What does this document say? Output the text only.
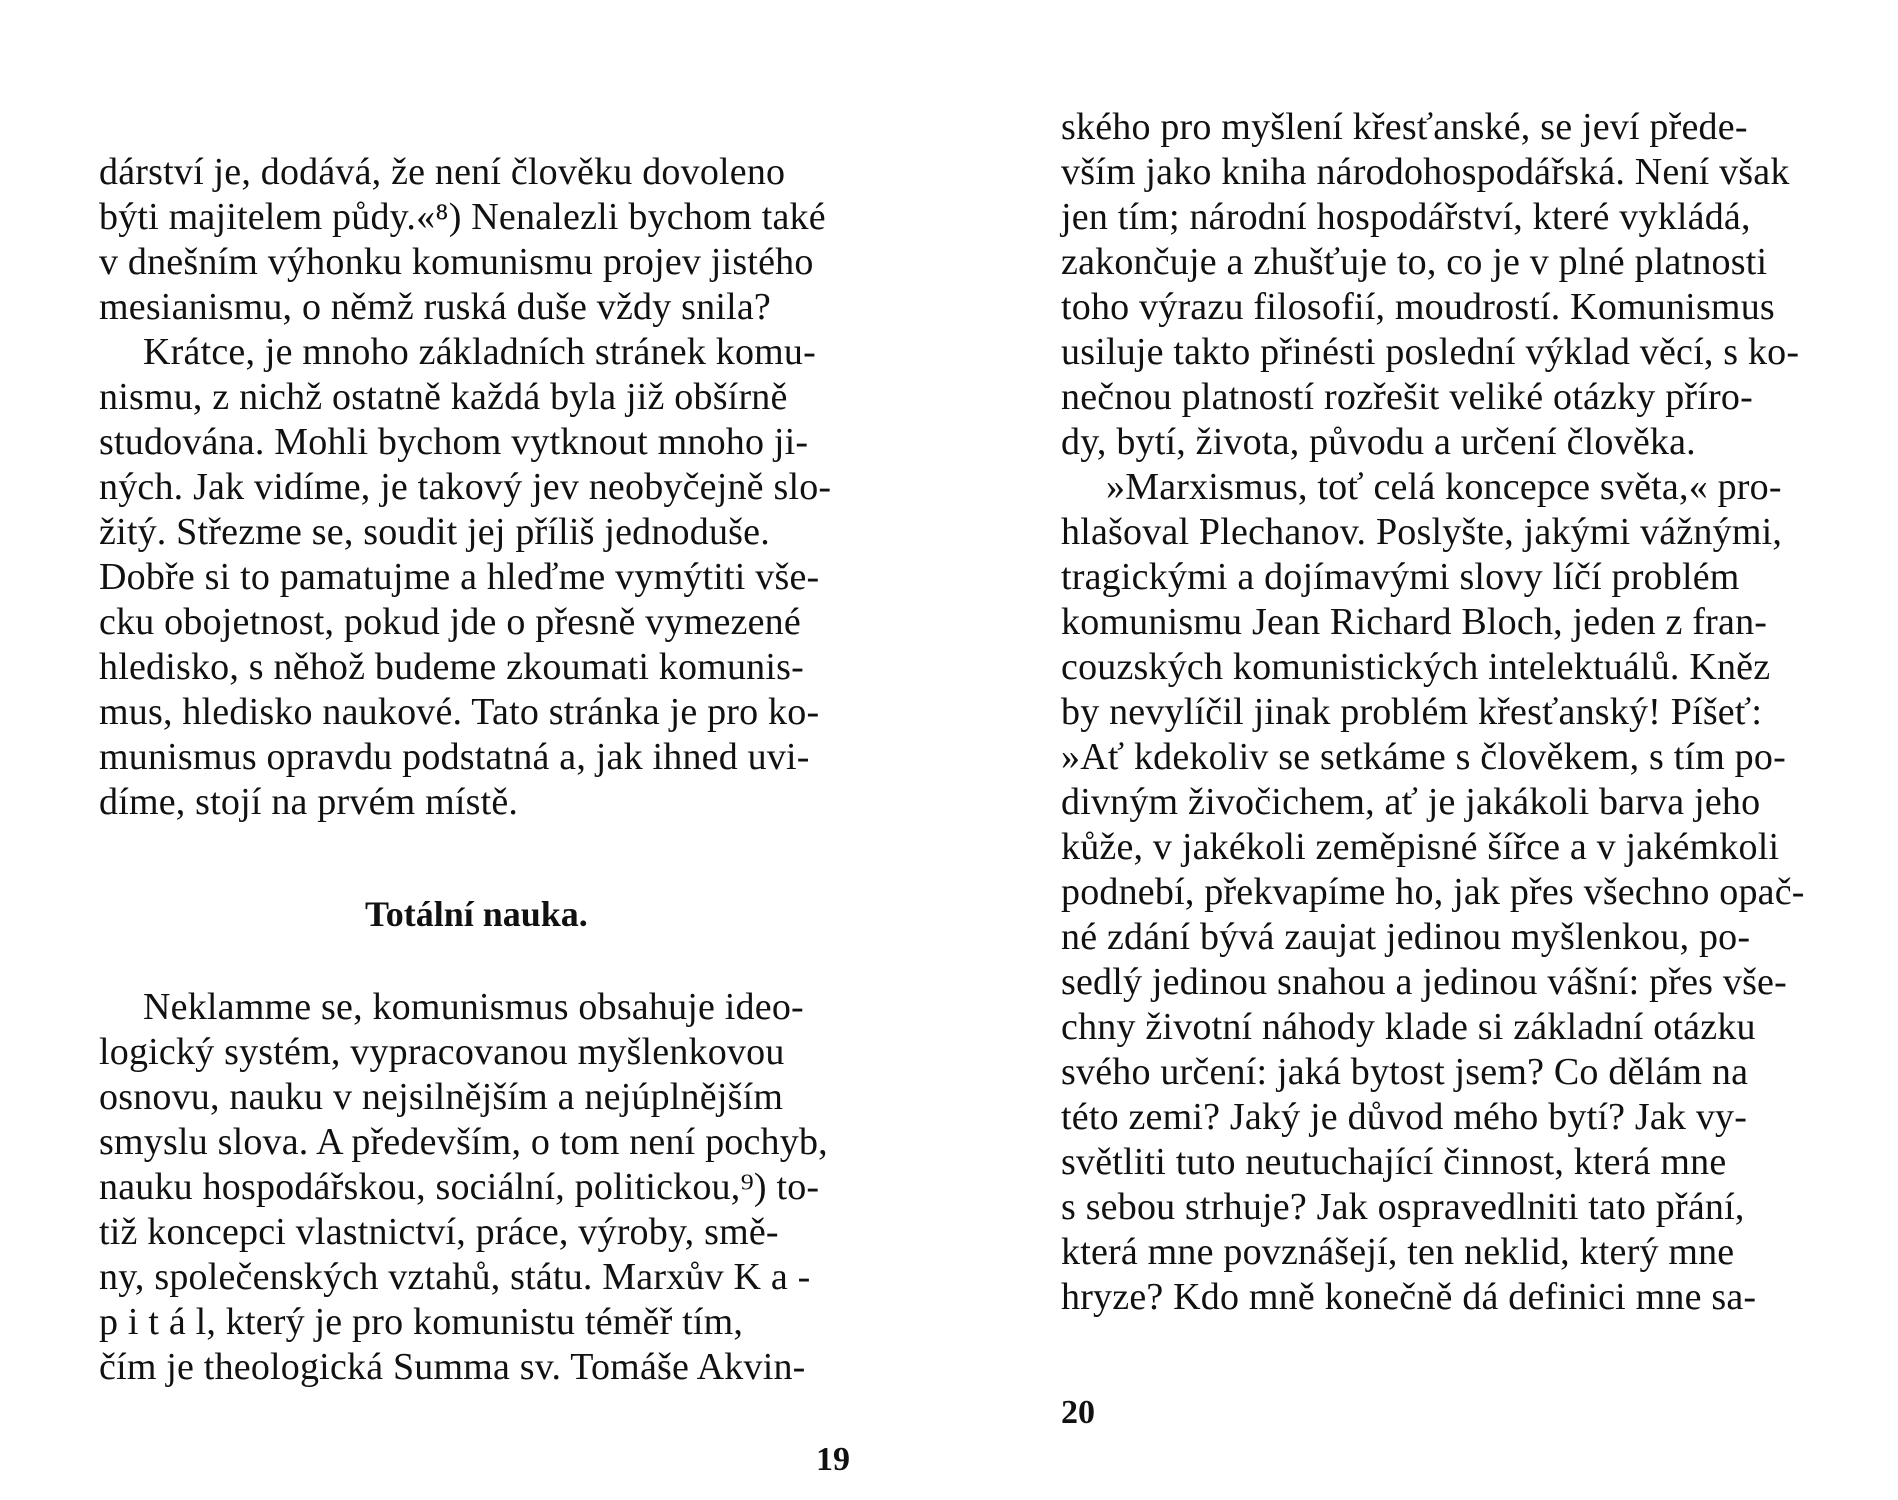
dárství je, dodává, že není člověku dovoleno
býti majitelem půdy.«⁸) Nenalezli bychom také
v dnešním výhonku komunismu projev jistého
mesianismu, o němž ruská duše vždy snila?
Krátce, je mnoho základních stránek komu-
nismu, z nichž ostatně každá byla již obšírně
studována. Mohli bychom vytknout mnoho ji-
ných. Jak vidíme, je takový jev neobyčejně slo-
žitý. Střezme se, soudit jej příliš jednoduše.
Dobře si to pamatujme a hleďme vymýtiti vše-
cku obojetnost, pokud jde o přesně vymezené
hledisko, s něhož budeme zkoumati komunis-
mus, hledisko naukové. Tato stránka je pro ko-
munismus opravdu podstatná a, jak ihned uvi-
díme, stojí na prvém místě.
Totální nauka.
Neklamme se, komunismus obsahuje ideo-
logický systém, vypracovanou myšlenkovou
osnovu, nauku v nejsilnějším a nejúplnějším
smyslu slova. A především, o tom není pochyb,
nauku hospodářskou, sociální, politickou,⁹) to-
tiž koncepci vlastnictví, práce, výroby, smě-
ny, společenských vztahů, státu. Marxův K a -
p i t á l, který je pro komunistu téměř tím,
čím je theologická Summa sv. Tomáše Akvin-
19
ského pro myšlení křesťanské, se jeví přede-
vším jako kniha národohospodářská. Není však
jen tím; národní hospodářství, které vykládá,
zakončuje a zhušťuje to, co je v plné platnosti
toho výrazu filosofií, moudrostí. Komunismus
usiluje takto přinésti poslední výklad věcí, s ko-
nečnou platností rozřešit veliké otázky příro-
dy, bytí, života, původu a určení člověka.
»Marxismus, toť celá koncepce světa,« pro-
hlašoval Plechanov. Poslyšte, jakými vážnými,
tragickými a dojímavými slovy líčí problém
komunismu Jean Richard Bloch, jeden z fran-
couzských komunistických intelektuálů. Kněz
by nevylíčil jinak problém křesťanský! Píšeť:
»Ať kdekoliv se setkáme s člověkem, s tím po-
divným živočichem, ať je jakákoli barva jeho
kůže, v jakékoli zeměpisné šířce a v jakémkoli
podnebí, překvapíme ho, jak přes všechno opač-
né zdání bývá zaujat jedinou myšlenkou, po-
sedlý jedinou snahou a jedinou vášní: přes vše-
chny životní náhody klade si základní otázku
svého určení: jaká bytost jsem? Co dělám na
této zemi? Jaký je důvod mého bytí? Jak vy-
světliti tuto neutuchající činnost, která mne
s sebou strhuje? Jak ospravedlniti tato přání,
která mne povznášejí, ten neklid, který mne
hryze? Kdo mně konečně dá definici mne sa-
20
